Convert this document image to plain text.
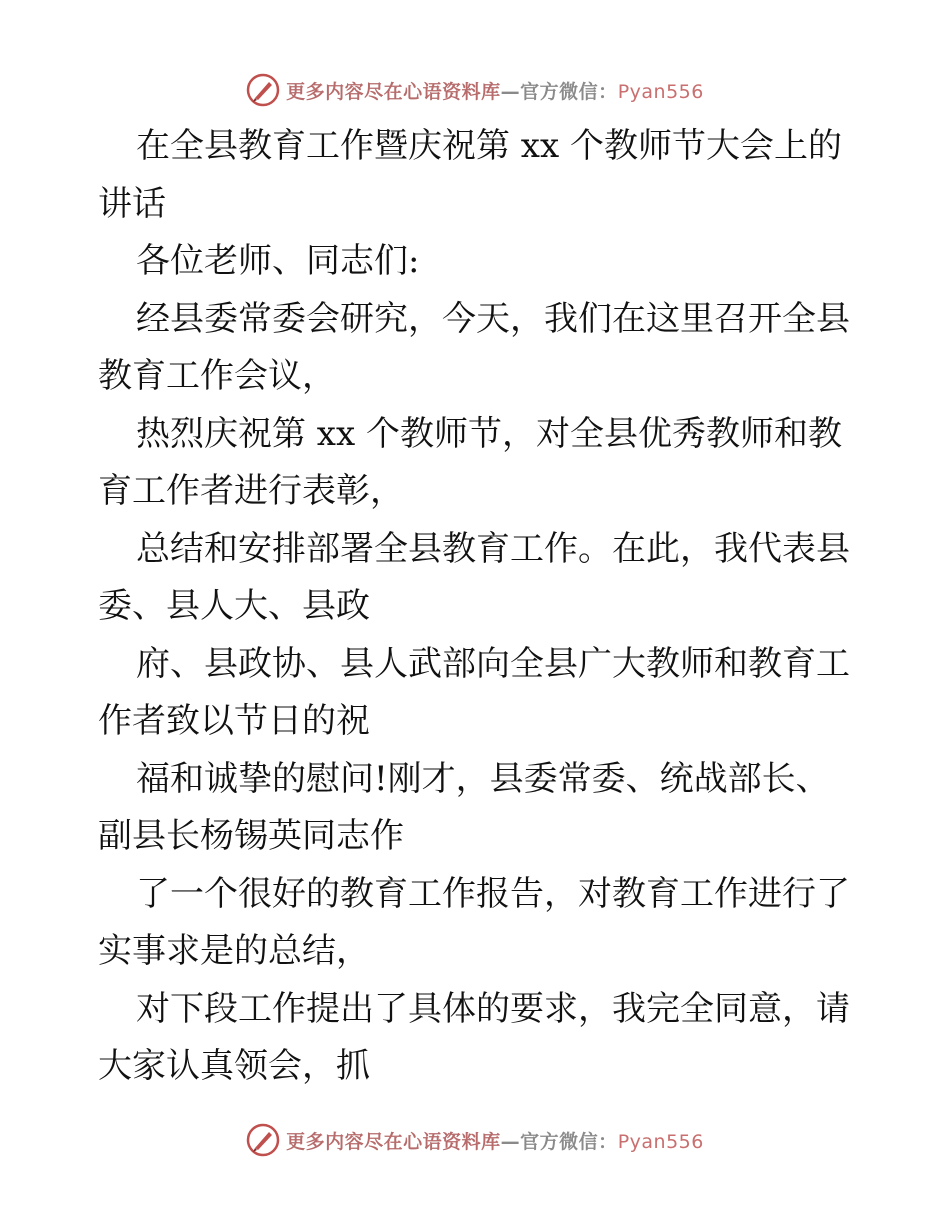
更多内容尽在心语资料库—官方微信：Pyan556

在全县教育工作暨庆祝第 xx 个教师节大会上的讲话

各位老师、同志们:

经县委常委会研究，今天，我们在这里召开全县教育工作会议，

热烈庆祝第 xx 个教师节，对全县优秀教师和教育工作者进行表彰，

总结和安排部署全县教育工作。在此，我代表县委、县人大、县政

府、县政协、县人武部向全县广大教师和教育工作者致以节日的祝

福和诚挚的慰问!刚才，县委常委、统战部长、副县长杨锡英同志作

了一个很好的教育工作报告，对教育工作进行了实事求是的总结，

对下段工作提出了具体的要求，我完全同意，请大家认真领会，抓

更多内容尽在心语资料库—官方微信：Pyan556
